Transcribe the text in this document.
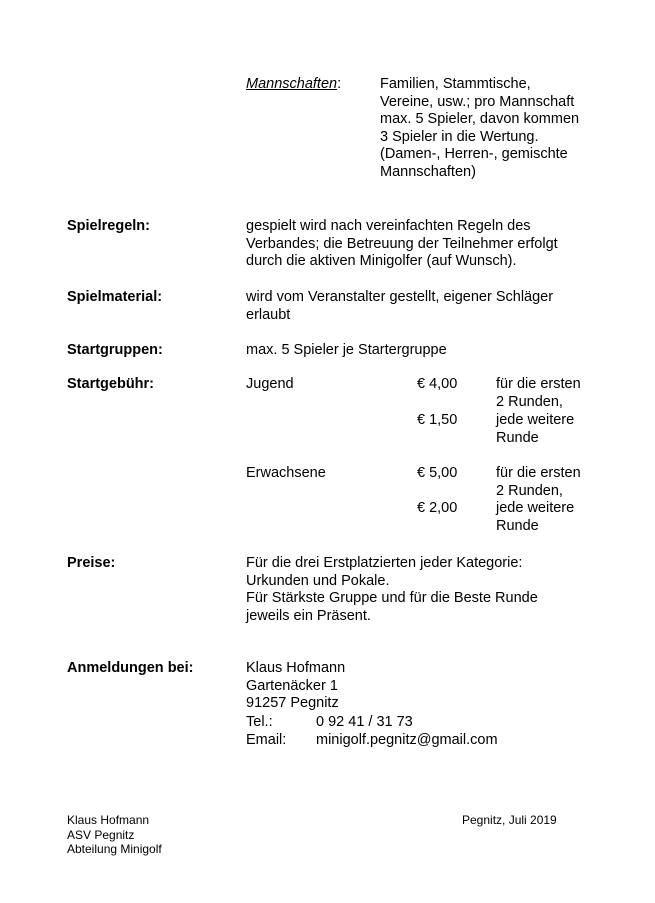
Mannschaften:	Familien, Stammtische,
Vereine, usw.; pro Mannschaft
max. 5 Spieler, davon kommen
3 Spieler in die Wertung.
(Damen-, Herren-, gemischte
Mannschaften)
Spielregeln:	gespielt wird nach vereinfachten Regeln des
Verbandes; die Betreuung der Teilnehmer erfolgt
durch die aktiven Minigolfer (auf Wunsch).
Spielmaterial:	wird vom Veranstalter gestellt, eigener Schläger
erlaubt
Startgruppen:	max. 5 Spieler je Startergruppe
Startgebühr:	Jugend	€ 4,00	für die ersten
2 Runden,
€ 1,50	jede weitere
Runde
Erwachsene	€ 5,00	für die ersten
2 Runden,
€ 2,00	jede weitere
Runde
Preise:	Für die drei Erstplatzierten jeder Kategorie:
Urkunden und Pokale.
Für Stärkste Gruppe und für die Beste Runde
jeweils ein Präsent.
Anmeldungen bei:	Klaus Hofmann
Gartenäcker 1
91257 Pegnitz
Tel.:	0 92 41 / 31 73
Email: minigolf.pegnitz@gmail.com
Klaus Hofmann
ASV Pegnitz
Abteilung Minigolf
Pegnitz, Juli 2019
